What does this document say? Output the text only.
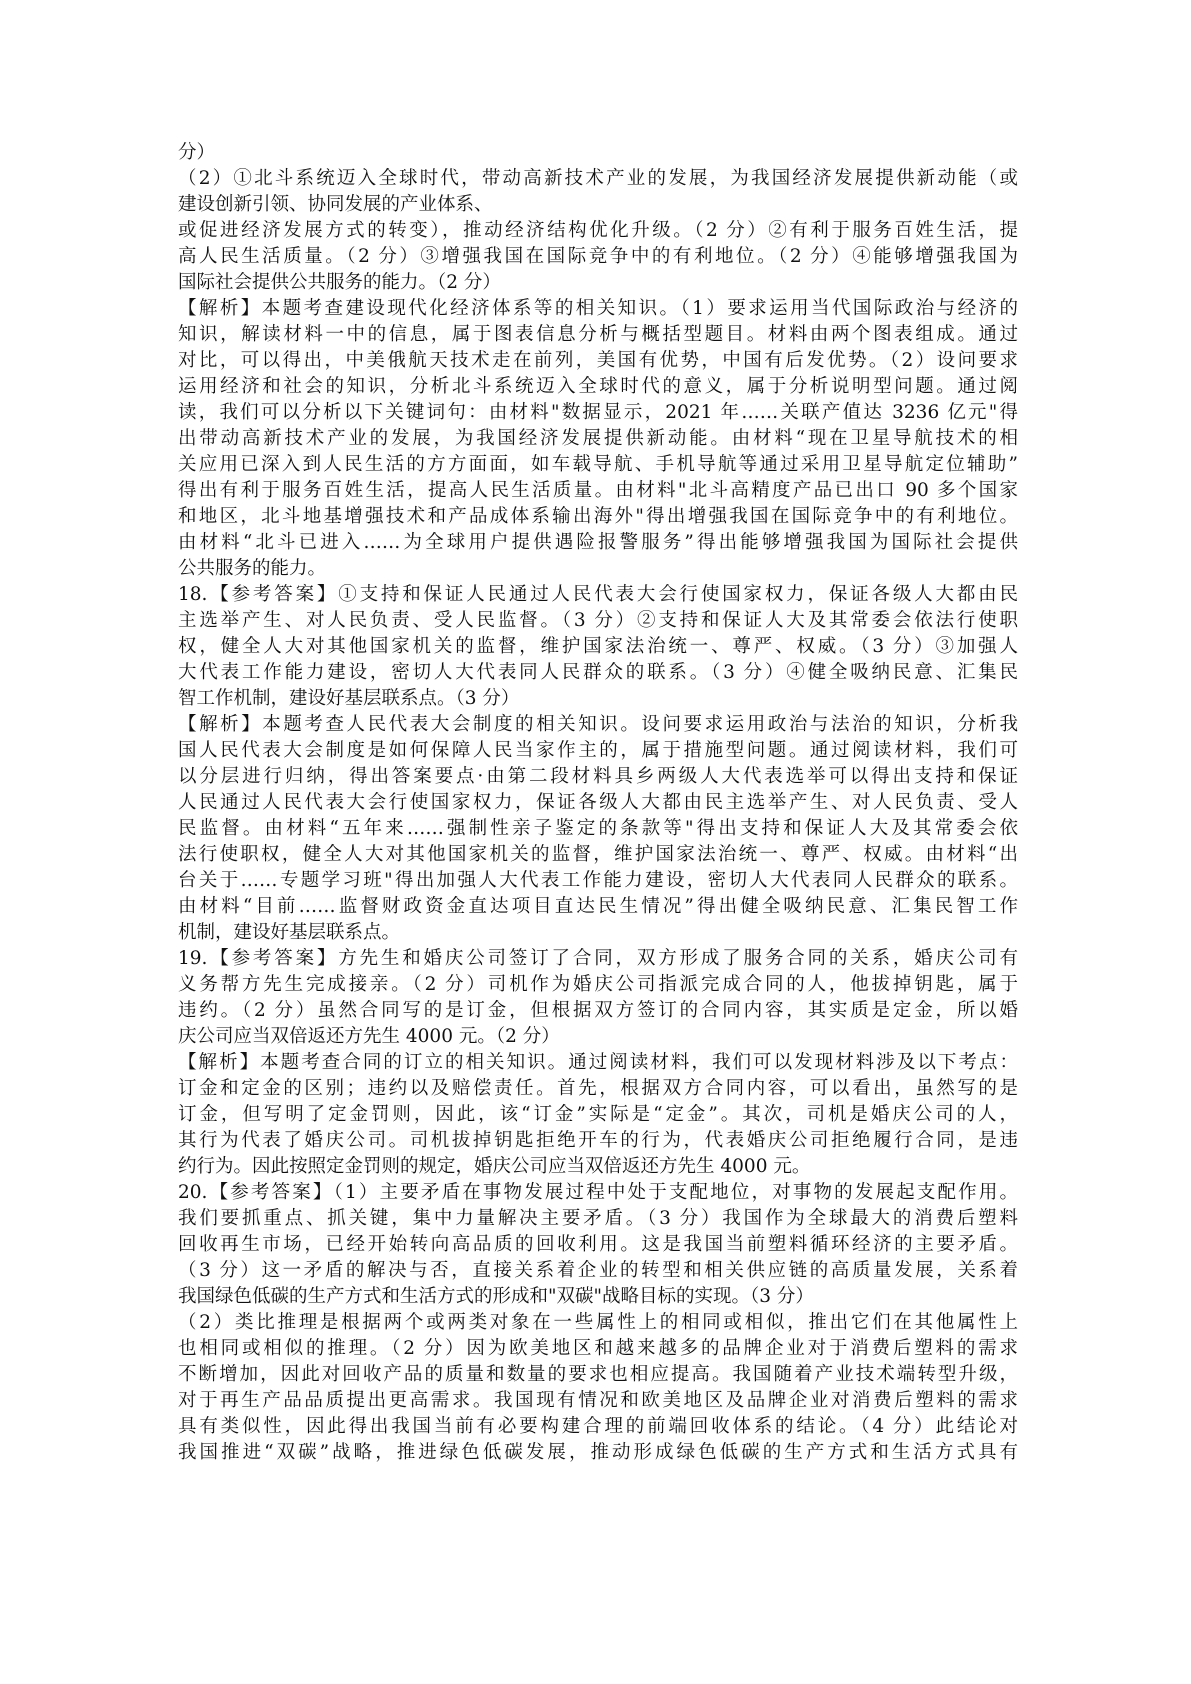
分）
（2）①北斗系统迈入全球时代，带动高新技术产业的发展，为我国经济发展提供新动能（或
建设创新引领、协同发展的产业体系、
或促进经济发展方式的转变），推动经济结构优化升级。（2 分）②有利于服务百姓生活，提
高人民生活质量。（2 分）③增强我国在国际竞争中的有利地位。（2 分）④能够增强我国为
国际社会提供公共服务的能力。（2 分）
【解析】本题考查建设现代化经济体系等的相关知识。（1）要求运用当代国际政治与经济的
知识，解读材料一中的信息，属于图表信息分析与概括型题目。材料由两个图表组成。通过
对比，可以得出，中美俄航天技术走在前列，美国有优势，中国有后发优势。（2）设问要求
运用经济和社会的知识，分析北斗系统迈入全球时代的意义，属于分析说明型问题。通过阅
读，我们可以分析以下关键词句：由材料"数据显示，2021 年……关联产值达 3236 亿元"得
出带动高新技术产业的发展，为我国经济发展提供新动能。由材料“现在卫星导航技术的相
关应用已深入到人民生活的方方面面，如车载导航、手机导航等通过采用卫星导航定位辅助”
得出有利于服务百姓生活，提高人民生活质量。由材料"北斗高精度产品已出口 90 多个国家
和地区，北斗地基增强技术和产品成体系输出海外"得出增强我国在国际竞争中的有利地位。
由材料“北斗已进入……为全球用户提供遇险报警服务”得出能够增强我国为国际社会提供
公共服务的能力。
18.【参考答案】①支持和保证人民通过人民代表大会行使国家权力，保证各级人大都由民
主选举产生、对人民负责、受人民监督。（3 分）②支持和保证人大及其常委会依法行使职
权，健全人大对其他国家机关的监督，维护国家法治统一、尊严、权威。（3 分）③加强人
大代表工作能力建设，密切人大代表同人民群众的联系。（3 分）④健全吸纳民意、汇集民
智工作机制，建设好基层联系点。（3 分）
【解析】本题考查人民代表大会制度的相关知识。设问要求运用政治与法治的知识，分析我
国人民代表大会制度是如何保障人民当家作主的，属于措施型问题。通过阅读材料，我们可
以分层进行归纳，得出答案要点·由第二段材料具乡两级人大代表选举可以得出支持和保证
人民通过人民代表大会行使国家权力，保证各级人大都由民主选举产生、对人民负责、受人
民监督。由材料“五年来……强制性亲子鉴定的条款等"得出支持和保证人大及其常委会依
法行使职权，健全人大对其他国家机关的监督，维护国家法治统一、尊严、权威。由材料“出
台关于……专题学习班"得出加强人大代表工作能力建设，密切人大代表同人民群众的联系。
由材料“目前……监督财政资金直达项目直达民生情况”得出健全吸纳民意、汇集民智工作
机制，建设好基层联系点。
19.【参考答案】方先生和婚庆公司签订了合同，双方形成了服务合同的关系，婚庆公司有
义务帮方先生完成接亲。（2 分）司机作为婚庆公司指派完成合同的人，他拔掉钥匙，属于
违约。（2 分）虽然合同写的是订金，但根据双方签订的合同内容，其实质是定金，所以婚
庆公司应当双倍返还方先生 4000 元。（2 分）
【解析】本题考查合同的订立的相关知识。通过阅读材料，我们可以发现材料涉及以下考点：
订金和定金的区别；违约以及赔偿责任。首先，根据双方合同内容，可以看出，虽然写的是
订金，但写明了定金罚则，因此，该“订金”实际是“定金”。其次，司机是婚庆公司的人，
其行为代表了婚庆公司。司机拔掉钥匙拒绝开车的行为，代表婚庆公司拒绝履行合同，是违
约行为。因此按照定金罚则的规定，婚庆公司应当双倍返还方先生 4000 元。
20.【参考答案】（1）主要矛盾在事物发展过程中处于支配地位，对事物的发展起支配作用。
我们要抓重点、抓关键，集中力量解决主要矛盾。（3 分）我国作为全球最大的消费后塑料
回收再生市场，已经开始转向高品质的回收利用。这是我国当前塑料循环经济的主要矛盾。
（3 分）这一矛盾的解决与否，直接关系着企业的转型和相关供应链的高质量发展，关系着
我国绿色低碳的生产方式和生活方式的形成和"双碳"战略目标的实现。（3 分）
（2）类比推理是根据两个或两类对象在一些属性上的相同或相似，推出它们在其他属性上
也相同或相似的推理。（2 分）因为欧美地区和越来越多的品牌企业对于消费后塑料的需求
不断增加，因此对回收产品的质量和数量的要求也相应提高。我国随着产业技术端转型升级，
对于再生产品品质提出更高需求。我国现有情况和欧美地区及品牌企业对消费后塑料的需求
具有类似性，因此得出我国当前有必要构建合理的前端回收体系的结论。（4 分）此结论对
我国推进“双碳”战略，推进绿色低碳发展，推动形成绿色低碳的生产方式和生活方式具有
